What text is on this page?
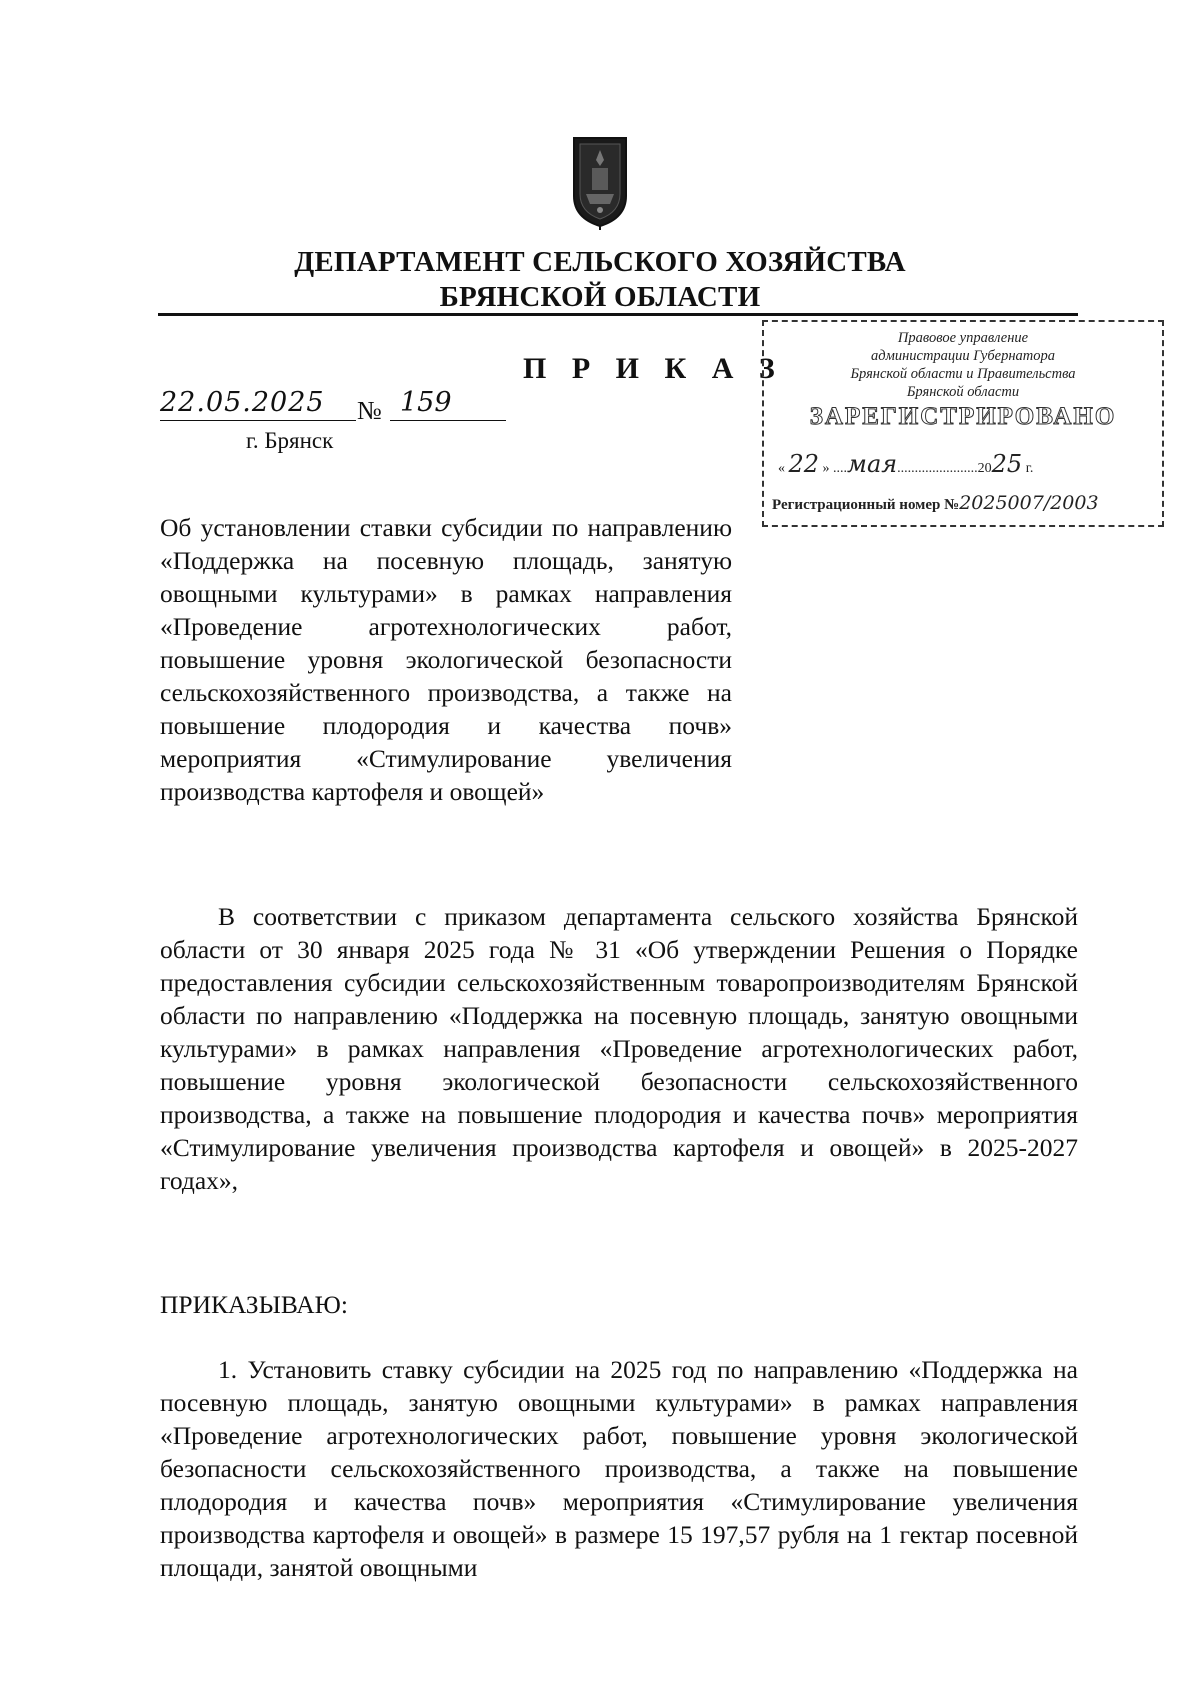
ДЕПАРТАМЕНТ СЕЛЬСКОГО ХОЗЯЙСТВА
БРЯНСКОЙ ОБЛАСТИ
П Р И К А З
22.05.2025	№ 159
г. Брянск
Правовое управление
администрации Губернатора
Брянской области и Правительства
Брянской области
ЗАРЕГИСТРИРОВАНО
« 22 » ....мая.......................2025 г.
Регистрационный номер №2025007/2003
Об установлении ставки субсидии по направлению «Поддержка на посевную площадь, занятую овощными культурами» в рамках направления «Проведение агротехнологических работ, повышение уровня экологической безопасности сельскохозяйственного производства, а также на повышение плодородия и качества почв» мероприятия «Стимулирование увеличения производства картофеля и овощей»
В соответствии с приказом департамента сельского хозяйства Брянской области от 30 января 2025 года № 31 «Об утверждении Решения о Порядке предоставления субсидии сельскохозяйственным товаропроизводителям Брянской области по направлению «Поддержка на посевную площадь, занятую овощными культурами» в рамках направления «Проведение агротехнологических работ, повышение уровня экологической безопасности сельскохозяйственного производства, а также на повышение плодородия и качества почв» мероприятия «Стимулирование увеличения производства картофеля и овощей» в 2025-2027 годах»,
ПРИКАЗЫВАЮ:
1. Установить ставку субсидии на 2025 год по направлению «Поддержка на посевную площадь, занятую овощными культурами» в рамках направления «Проведение агротехнологических работ, повышение уровня экологической безопасности сельскохозяйственного производства, а также на повышение плодородия и качества почв» мероприятия «Стимулирование увеличения производства картофеля и овощей» в размере 15 197,57 рубля на 1 гектар посевной площади, занятой овощными
